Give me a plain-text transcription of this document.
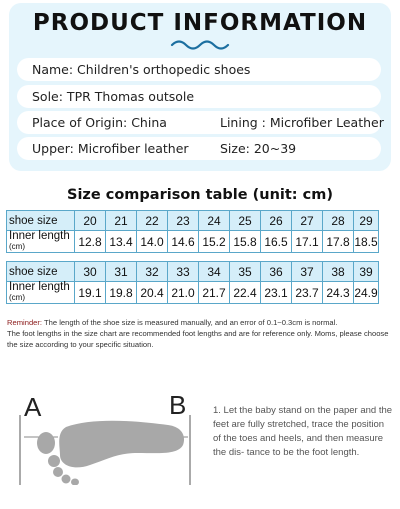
PRODUCT INFORMATION
Name: Children's orthopedic shoes
Sole: TPR Thomas outsole
Place of Origin: China	Lining : Microfiber Leather
Upper: Microfiber leather	Size: 20~39
Size comparison table (unit: cm)
shoe size	20	21	22	23	24	25	26	27	28	29
Inner length
(cm)	12.8	13.4	14.0	14.6	15.2	15.8	16.5	17.1	17.8	18.5
shoe size	30	31	32	33	34	35	36	37	38	39
Inner length
(cm)	19.1	19.8	20.4	21.0	21.7	22.4	23.1	23.7	24.3	24.9
Reminder: The length of the shoe size is measured manually, and an error of 0.1~0.3cm is normal.
The foot lengths in the size chart are recommended foot lengths and are for reference only. Moms, please choose the size according to your specific situation.
A	B	1. Let the baby stand on the paper and the feet are fully stretched, trace the position of the toes and heels, and then measure the dis- tance to be the foot length.
